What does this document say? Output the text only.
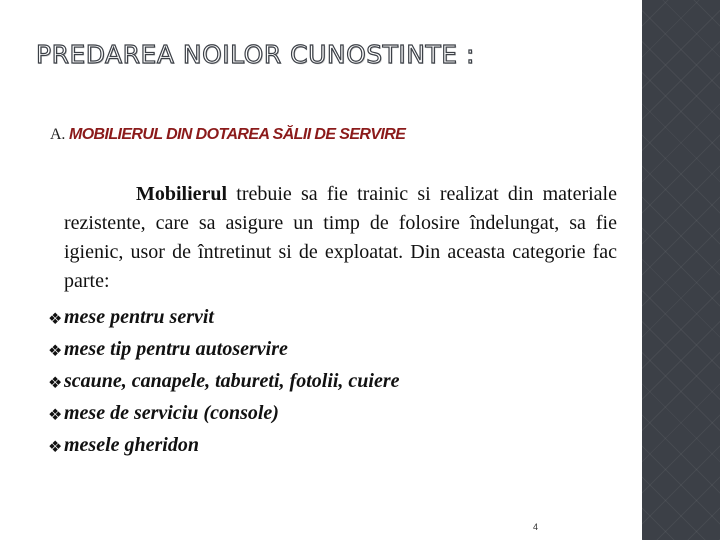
PREDAREA NOILOR CUNOSTINTE :
A. MOBILIERUL DIN DOTAREA SĂLII DE SERVIRE

Mobilierul trebuie sa fie trainic si realizat din materiale rezistente, care sa asigure un timp de folosire îndelungat, sa fie igienic, usor de întretinut si de exploatat. Din aceasta categorie fac parte:

❖ mese pentru servit
❖ mese tip pentru autoservire
❖ scaune, canapele, tabureti, fotolii, cuiere
❖ mese de serviciu (console)
❖ mesele gheridon
4
